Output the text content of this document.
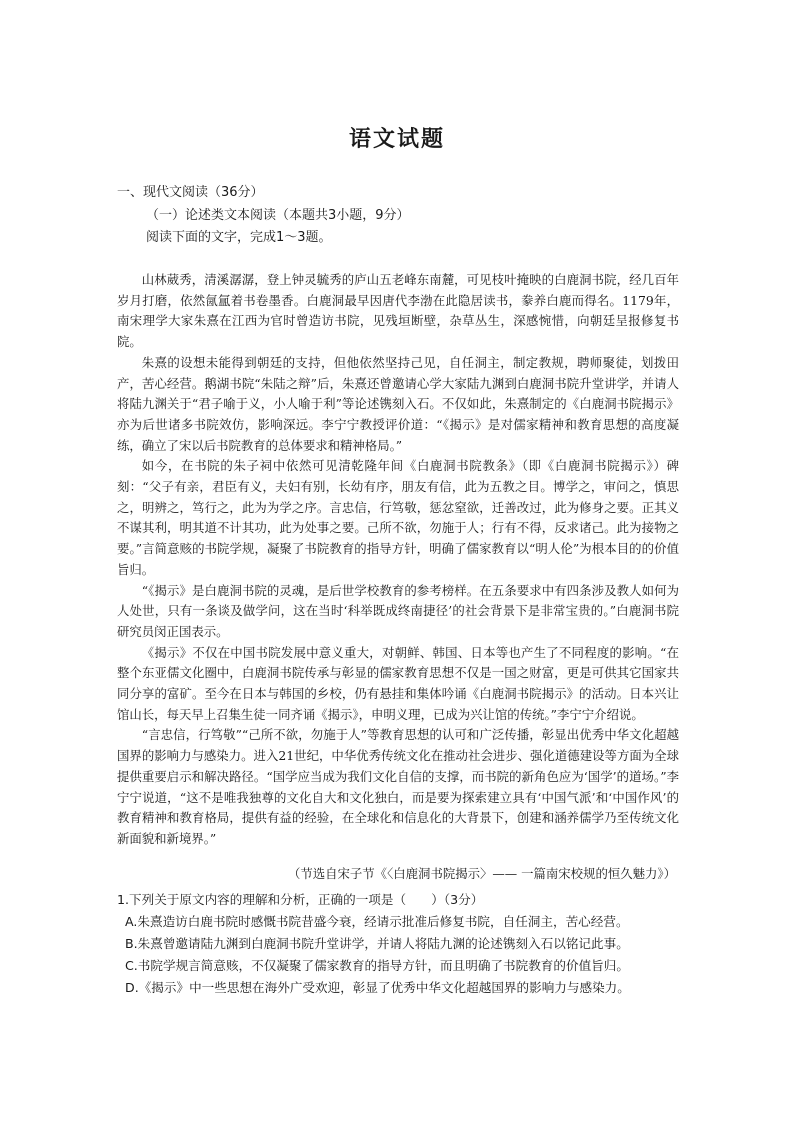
语文试题
一、现代文阅读（36分）
（一）论述类文本阅读（本题共3小题，9分）
阅读下面的文字，完成1～3题。

山林葳秀，清溪潺潺，登上钟灵毓秀的庐山五老峰东南麓，可见枝叶掩映的白鹿洞书院，经几百年岁月打磨，依然氤氲着书卷墨香。白鹿洞最早因唐代李渤在此隐居读书，豢养白鹿而得名。1179年，南宋理学大家朱熹在江西为官时曾造访书院，见残垣断壁，杂草丛生，深感惋惜，向朝廷呈报修复书院。

朱熹的设想未能得到朝廷的支持，但他依然坚持己见，自任洞主，制定教规，聘师聚徒，划拨田产，苦心经营。鹅湖书院“朱陆之辩”后，朱熹还曾邀请心学大家陆九渊到白鹿洞书院升堂讲学，并请人将陆九渊关于“君子喻于义，小人喻于利”等论述镌刻入石。不仅如此，朱熹制定的《白鹿洞书院揭示》亦为后世诸多书院效仿，影响深远。李宁宁教授评价道：“《揭示》是对儒家精神和教育思想的高度凝练，确立了宋以后书院教育的总体要求和精神格局。”

如今，在书院的朱子祠中依然可见清乾隆年间《白鹿洞书院教条》（即《白鹿洞书院揭示》）碑刻：“父子有亲，君臣有义，夫妇有别，长幼有序，朋友有信，此为五教之目。博学之，审问之，慎思之，明辨之，笃行之，此为为学之序。言忠信，行笃敬，惩忿窒欲，迁善改过，此为修身之要。正其义不谋其利，明其道不计其功，此为处事之要。己所不欲，勿施于人；行有不得，反求诸己。此为接物之要。”言简意赅的书院学规，凝聚了书院教育的指导方针，明确了儒家教育以“明人伦”为根本目的的价值旨归。

“《揭示》是白鹿洞书院的灵魂，是后世学校教育的参考榜样。在五条要求中有四条涉及教人如何为人处世，只有一条谈及做学问，这在当时‘科举既成终南捷径’的社会背景下是非常宝贵的。”白鹿洞书院研究员闵正国表示。

《揭示》不仅在中国书院发展中意义重大，对朝鲜、韩国、日本等也产生了不同程度的影响。“在整个东亚儒文化圈中，白鹿洞书院传承与彰显的儒家教育思想不仅是一国之财富，更是可供其它国家共同分享的富矿。至今在日本与韩国的乡校，仍有悬挂和集体吟诵《白鹿洞书院揭示》的活动。日本兴让馆山长，每天早上召集生徒一同齐诵《揭示》，申明义理，已成为兴让馆的传统。”李宁宁介绍说。

“言忠信，行笃敬”“己所不欲，勿施于人”等教育思想的认可和广泛传播，彰显出优秀中华文化超越国界的影响力与感染力。进入21世纪，中华优秀传统文化在推动社会进步、强化道德建设等方面为全球提供重要启示和解决路径。“国学应当成为我们文化自信的支撑，而书院的新角色应为‘国学’的道场。”李宁宁说道，“这不是唯我独尊的文化自大和文化独白，而是要为探索建立具有‘中国气派’和‘中国作风’的教育精神和教育格局，提供有益的经验，在全球化和信息化的大背景下，创建和涵养儒学乃至传统文化新面貌和新境界。”

（节选自宋子节《〈白鹿洞书院揭示〉—— 一篇南宋校规的恒久魅力》）

1.下列关于原文内容的理解和分析，正确的一项是（　　）（3分）

A.朱熹造访白鹿书院时感慨书院昔盛今衰，经请示批准后修复书院，自任洞主，苦心经营。

B.朱熹曾邀请陆九渊到白鹿洞书院升堂讲学，并请人将陆九渊的论述镌刻入石以铭记此事。

C.书院学规言简意赅，不仅凝聚了儒家教育的指导方针，而且明确了书院教育的价值旨归。

D.《揭示》中一些思想在海外广受欢迎，彰显了优秀中华文化超越国界的影响力与感染力。
